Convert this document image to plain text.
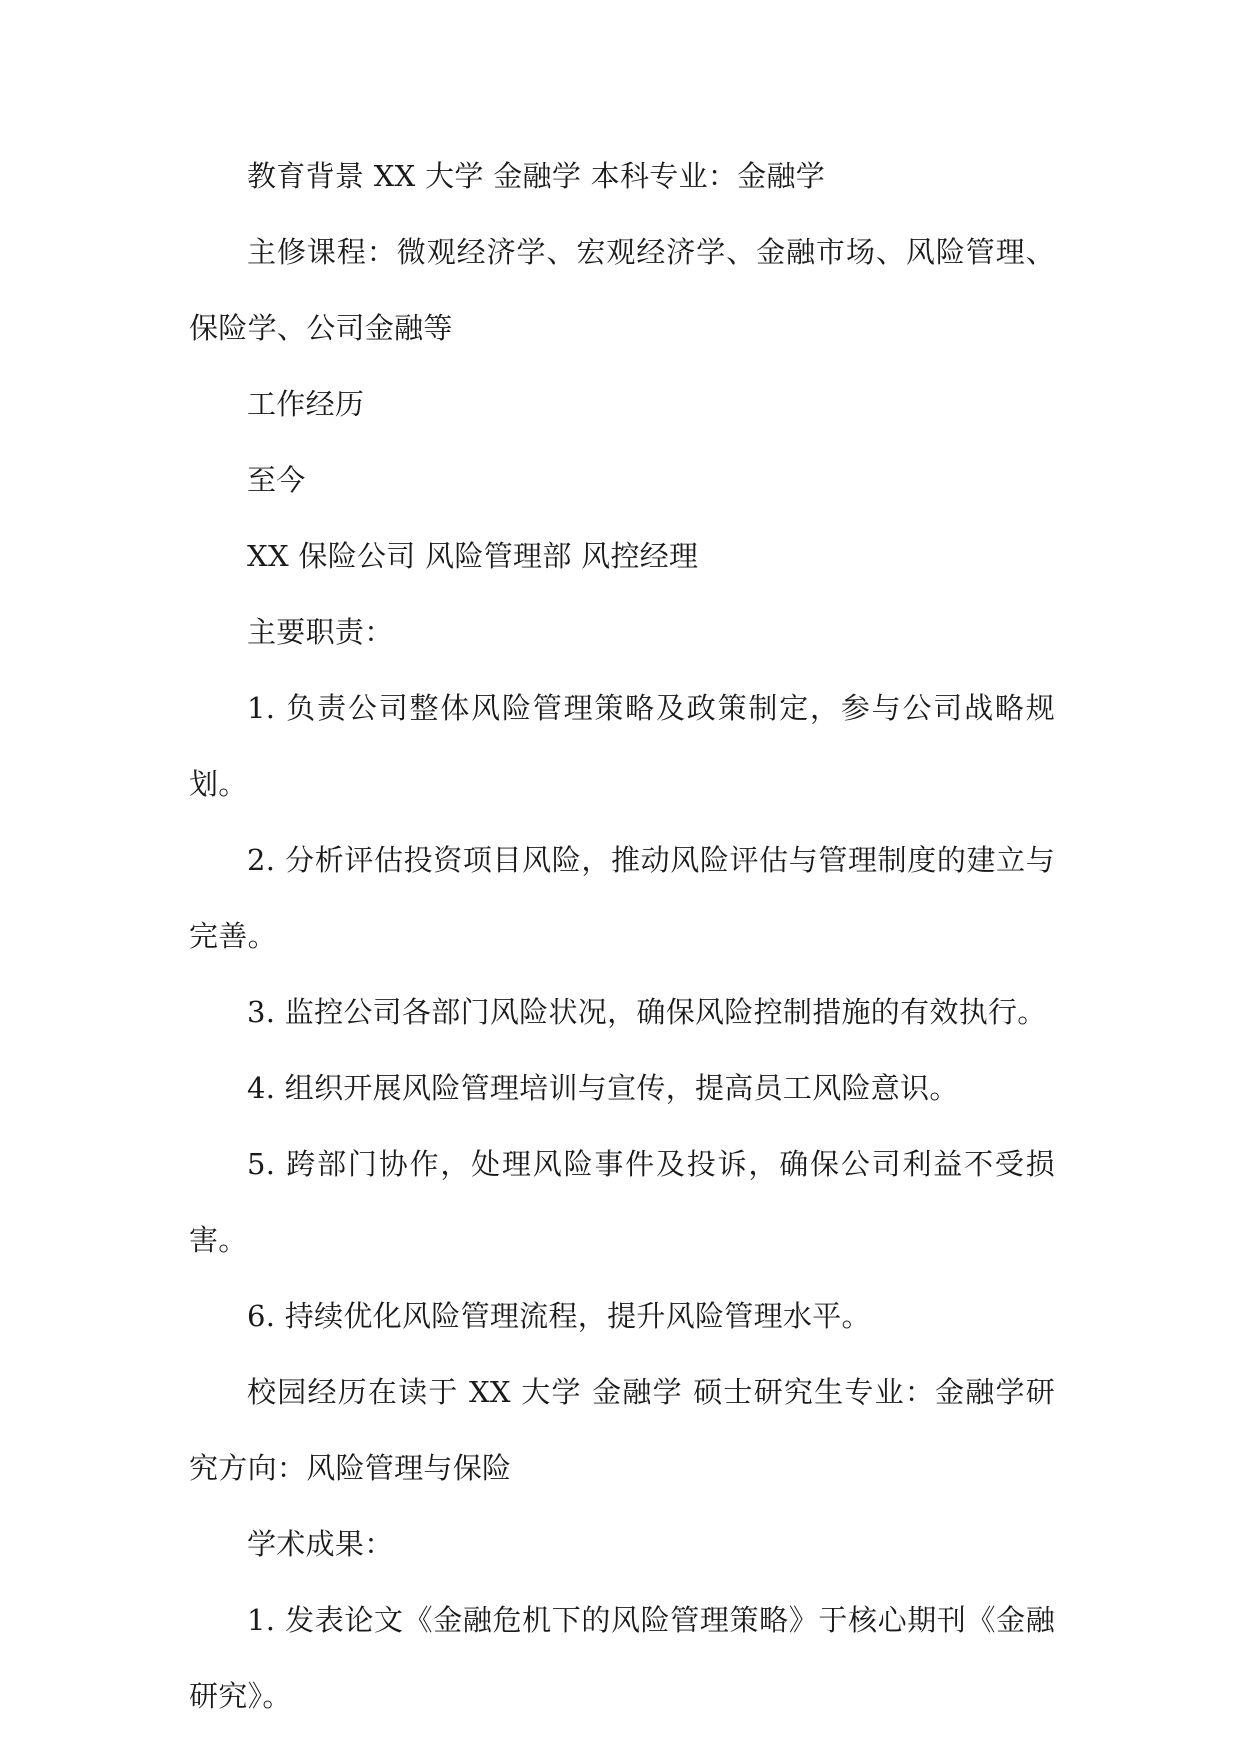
教育背景 XX 大学 金融学 本科专业：金融学

主修课程：微观经济学、宏观经济学、金融市场、风险管理、保险学、公司金融等

工作经历

至今

XX 保险公司 风险管理部 风控经理

主要职责：

1. 负责公司整体风险管理策略及政策制定，参与公司战略规划。

2. 分析评估投资项目风险，推动风险评估与管理制度的建立与完善。

3. 监控公司各部门风险状况，确保风险控制措施的有效执行。

4. 组织开展风险管理培训与宣传，提高员工风险意识。

5. 跨部门协作，处理风险事件及投诉，确保公司利益不受损害。

6. 持续优化风险管理流程，提升风险管理水平。

校园经历在读于 XX 大学 金融学 硕士研究生专业：金融学研究方向：风险管理与保险

学术成果：

1. 发表论文《金融危机下的风险管理策略》于核心期刊《金融研究》。
